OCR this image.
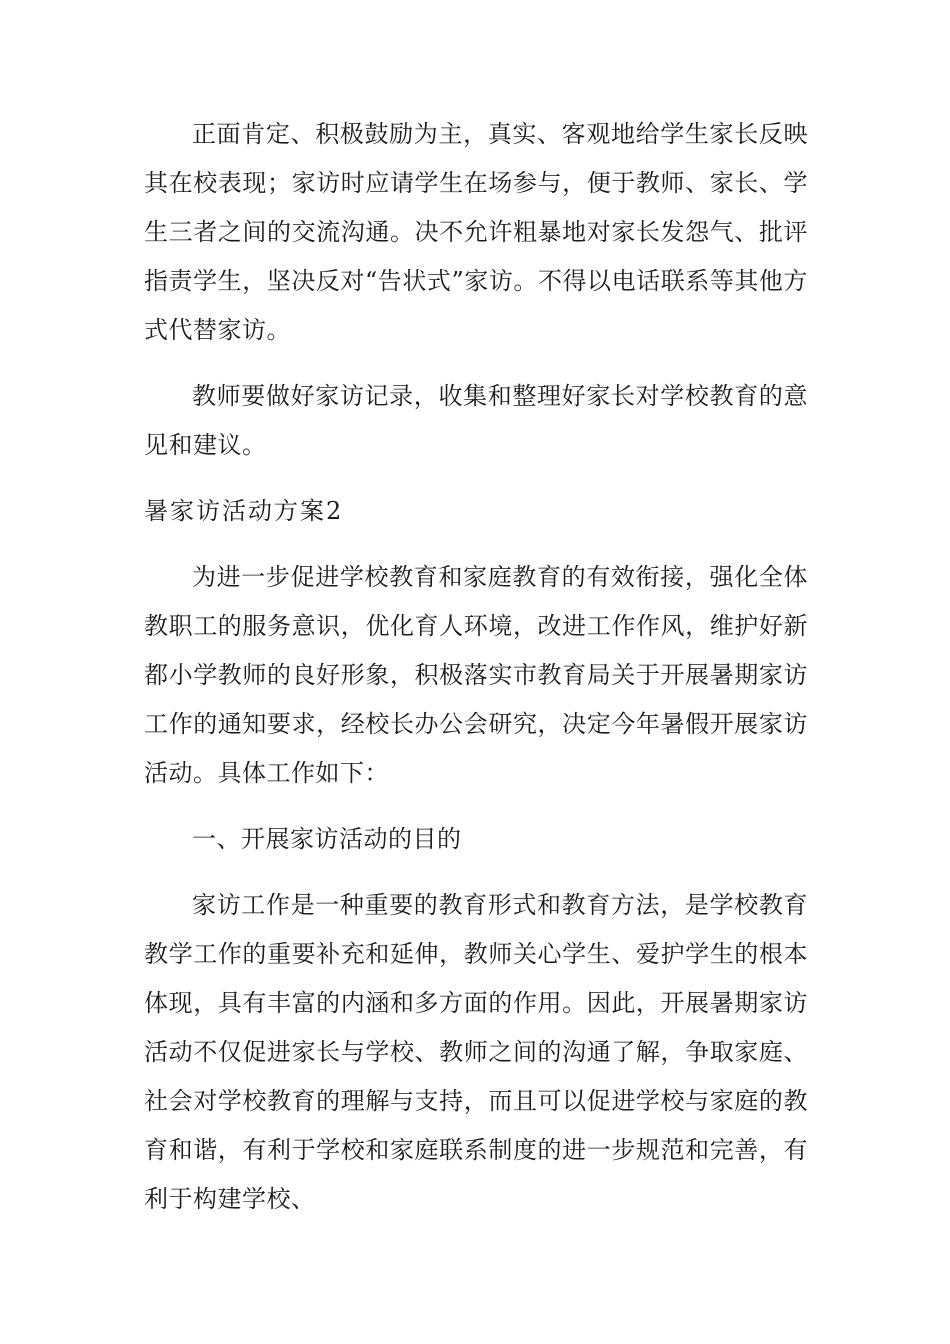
正面肯定、积极鼓励为主，真实、客观地给学生家长反映其在校表现；家访时应请学生在场参与，便于教师、家长、学生三者之间的交流沟通。决不允许粗暴地对家长发怨气、批评指责学生，坚决反对“告状式”家访。不得以电话联系等其他方式代替家访。

教师要做好家访记录，收集和整理好家长对学校教育的意见和建议。

暑家访活动方案2

为进一步促进学校教育和家庭教育的有效衔接，强化全体教职工的服务意识，优化育人环境，改进工作作风，维护好新都小学教师的良好形象，积极落实市教育局关于开展暑期家访工作的通知要求，经校长办公会研究，决定今年暑假开展家访活动。具体工作如下：

一、开展家访活动的目的

家访工作是一种重要的教育形式和教育方法，是学校教育教学工作的重要补充和延伸，教师关心学生、爱护学生的根本体现，具有丰富的内涵和多方面的作用。因此，开展暑期家访活动不仅促进家长与学校、教师之间的沟通了解，争取家庭、社会对学校教育的理解与支持，而且可以促进学校与家庭的教育和谐，有利于学校和家庭联系制度的进一步规范和完善，有利于构建学校、
